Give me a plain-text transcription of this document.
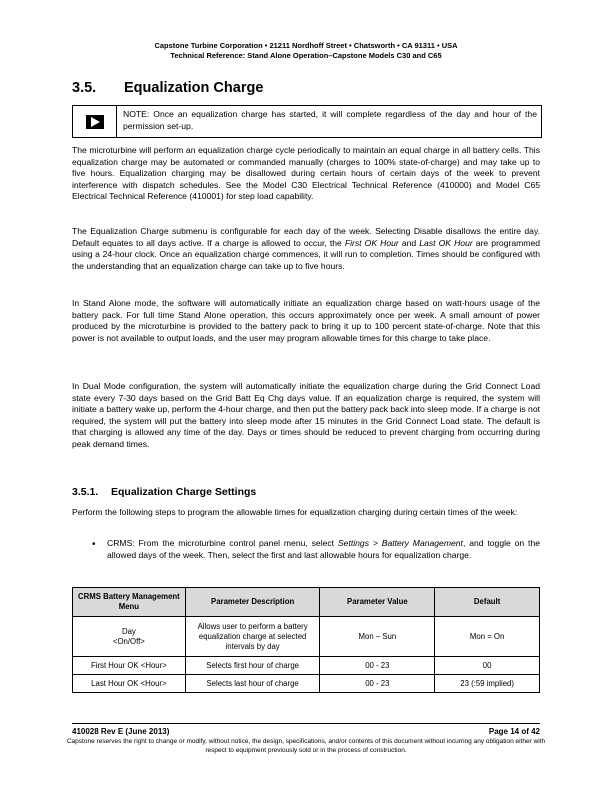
Capstone Turbine Corporation • 21211 Nordhoff Street • Chatsworth • CA 91311 • USA
Technical Reference: Stand Alone Operation–Capstone Models C30 and C65
3.5. Equalization Charge
NOTE: Once an equalization charge has started, it will complete regardless of the day and hour of the permission set-up.

The microturbine will perform an equalization charge cycle periodically to maintain an equal charge in all battery cells. This equalization charge may be automated or commanded manually (charges to 100% state-of-charge) and may take up to five hours. Equalization charging may be disallowed during certain hours of certain days of the week to prevent interference with dispatch schedules. See the Model C30 Electrical Technical Reference (410000) and Model C65 Electrical Technical Reference (410001) for step load capability.

The Equalization Charge submenu is configurable for each day of the week. Selecting Disable disallows the entire day. Default equates to all days active. If a charge is allowed to occur, the First OK Hour and Last OK Hour are programmed using a 24-hour clock. Once an equalization charge commences, it will run to completion. Times should be configured with the understanding that an equalization charge can take up to five hours.

In Stand Alone mode, the software will automatically initiate an equalization charge based on watt-hours usage of the battery pack. For full time Stand Alone operation, this occurs approximately once per week. A small amount of power produced by the microturbine is provided to the battery pack to bring it up to 100 percent state-of-charge. Note that this power is not available to output loads, and the user may program allowable times for this charge to take place.

In Dual Mode configuration, the system will automatically initiate the equalization charge during the Grid Connect Load state every 7-30 days based on the Grid Batt Eq Chg days value. If an equalization charge is required, the system will initiate a battery wake up, perform the 4-hour charge, and then put the battery pack back into sleep mode. If a charge is not required, the system will put the battery into sleep mode after 15 minutes in the Grid Connect Load state. The default is that charging is allowed any time of the day. Days or times should be reduced to prevent charging from occurring during peak demand times.

3.5.1. Equalization Charge Settings

Perform the following steps to program the allowable times for equalization charging during certain times of the week:

• CRMS: From the microturbine control panel menu, select Settings > Battery Management, and toggle on the allowed days of the week. Then, select the first and last allowable hours for equalization charge.

CRMS Battery Management Menu	Parameter Description	Parameter Value	Default
Day
<On/Off>	Allows user to perform a battery equalization charge at selected intervals by day	Mon – Sun	Mon = On
First Hour OK <Hour>	Selects first hour of charge	00 - 23	00
Last Hour OK <Hour>	Selects last hour of charge	00 - 23	23 (:59 implied)
410028 Rev E (June 2013)	Page 14 of 42
Capstone reserves the right to change or modify, without notice, the design, specifications, and/or contents of this document without incurring any obligation either with respect to equipment previously sold or in the process of construction.
